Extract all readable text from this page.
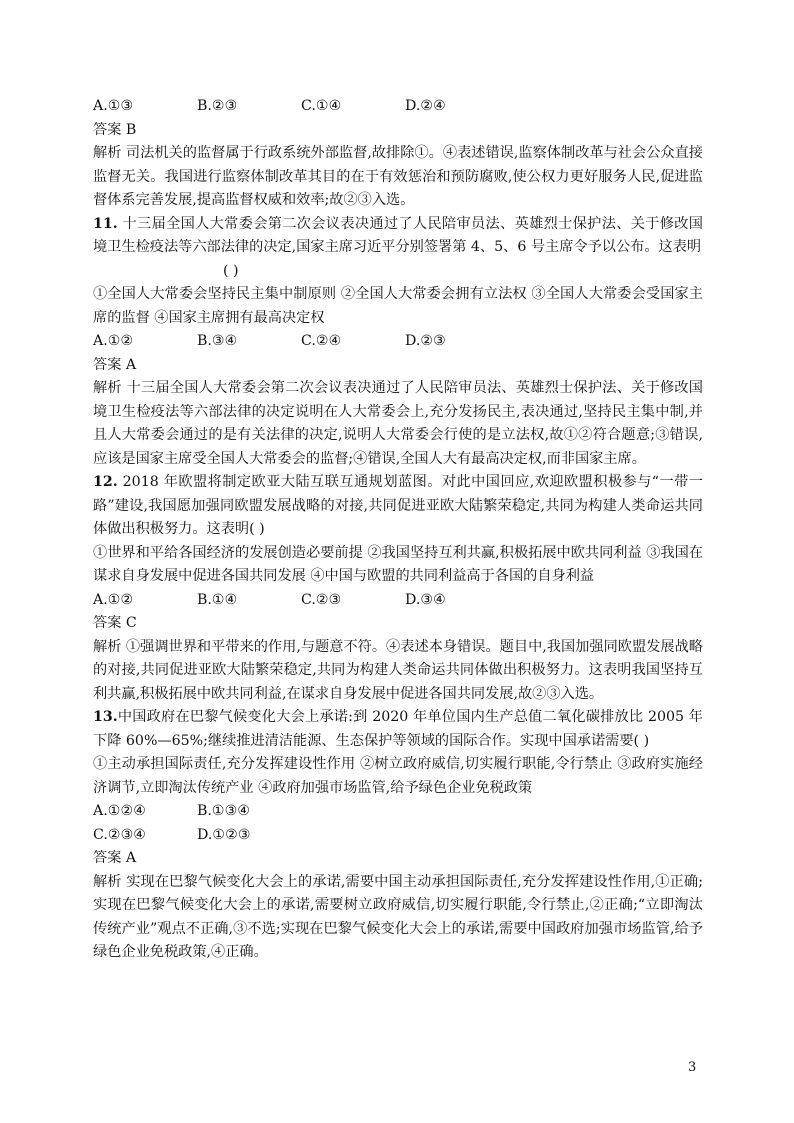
A.①③	B.②③	C.①④	D.②④

答案 B

解析 司法机关的监督属于行政系统外部监督,故排除①。④表述错误,监察体制改革与社会公众直接监督无关。我国进行监察体制改革其目的在于有效惩治和预防腐败,使公权力更好服务人民,促进监督体系完善发展,提高监督权威和效率;故②③入选。

11. 十三届全国人大常委会第二次会议表决通过了人民陪审员法、英雄烈士保护法、关于修改国境卫生检疫法等六部法律的决定,国家主席习近平分别签署第 4、5、6 号主席令予以公布。这表明

( )

①全国人大常委会坚持民主集中制原则 ②全国人大常委会拥有立法权 ③全国人大常委会受国家主席的监督 ④国家主席拥有最高决定权

A.①②	B.③④	C.②④	D.②③

答案 A

解析 十三届全国人大常委会第二次会议表决通过了人民陪审员法、英雄烈士保护法、关于修改国境卫生检疫法等六部法律的决定说明在人大常委会上,充分发扬民主,表决通过,坚持民主集中制,并且人大常委会通过的是有关法律的决定,说明人大常委会行使的是立法权,故①②符合题意;③错误,应该是国家主席受全国人大常委会的监督;④错误,全国人大有最高决定权,而非国家主席。

12. 2018 年欧盟将制定欧亚大陆互联互通规划蓝图。对此中国回应,欢迎欧盟积极参与“一带一路”建设,我国愿加强同欧盟发展战略的对接,共同促进亚欧大陆繁荣稳定,共同为构建人类命运共同体做出积极努力。这表明( )

①世界和平给各国经济的发展创造必要前提 ②我国坚持互利共赢,积极拓展中欧共同利益 ③我国在谋求自身发展中促进各国共同发展 ④中国与欧盟的共同利益高于各国的自身利益

A.①②	B.①④	C.②③	D.③④

答案 C

解析 ①强调世界和平带来的作用,与题意不符。④表述本身错误。题目中,我国加强同欧盟发展战略的对接,共同促进亚欧大陆繁荣稳定,共同为构建人类命运共同体做出积极努力。这表明我国坚持互利共赢,积极拓展中欧共同利益,在谋求自身发展中促进各国共同发展,故②③入选。

13.中国政府在巴黎气候变化大会上承诺:到 2020 年单位国内生产总值二氧化碳排放比 2005 年下降 60%—65%;继续推进清洁能源、生态保护等领域的国际合作。实现中国承诺需要( )

①主动承担国际责任,充分发挥建设性作用 ②树立政府威信,切实履行职能,令行禁止 ③政府实施经济调节,立即淘汰传统产业 ④政府加强市场监管,给予绿色企业免税政策

A.①②④	B.①③④
C.②③④	D.①②③

答案 A

解析 实现在巴黎气候变化大会上的承诺,需要中国主动承担国际责任,充分发挥建设性作用,①正确;实现在巴黎气候变化大会上的承诺,需要树立政府威信,切实履行职能,令行禁止,②正确;“立即淘汰传统产业”观点不正确,③不选;实现在巴黎气候变化大会上的承诺,需要中国政府加强市场监管,给予绿色企业免税政策,④正确。

3
